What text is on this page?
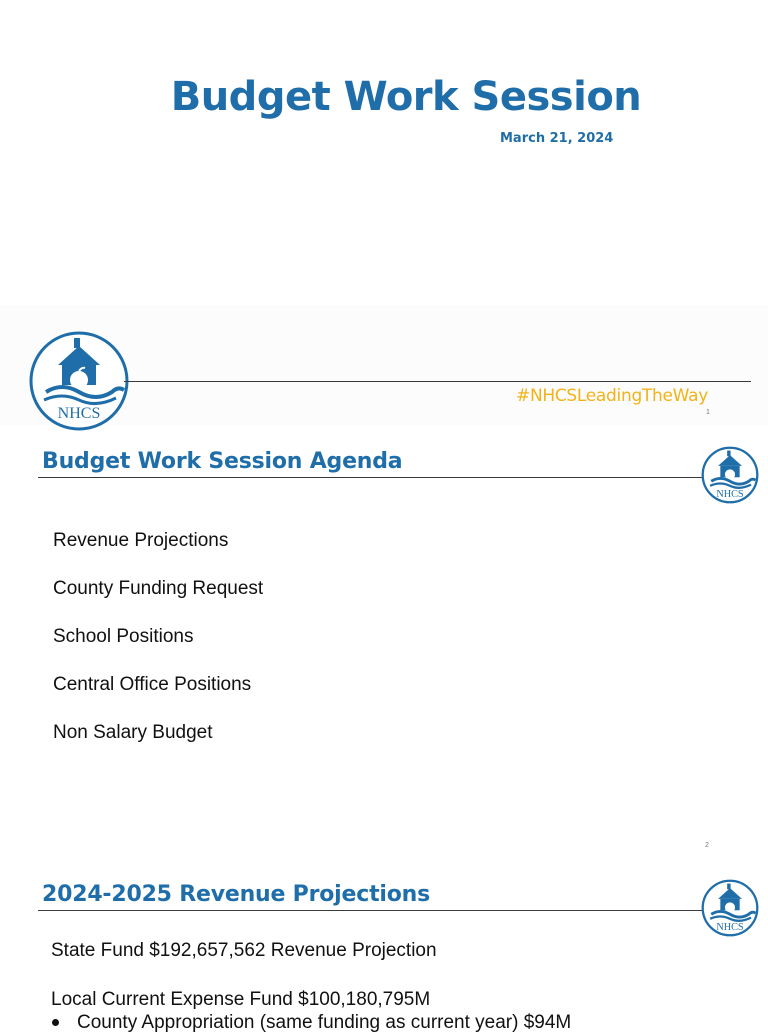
Budget Work Session
March 21, 2024
NHCS
#NHCSLeadingTheWay
1
Budget Work Session Agenda
NHCS
Revenue Projections
County Funding Request
School Positions
Central Office Positions
Non Salary Budget
2
2024-2025 Revenue Projections
NHCS
State Fund $192,657,562 Revenue Projection
Local Current Expense Fund $100,180,795M
County Appropriation (same funding as current year) $94M
